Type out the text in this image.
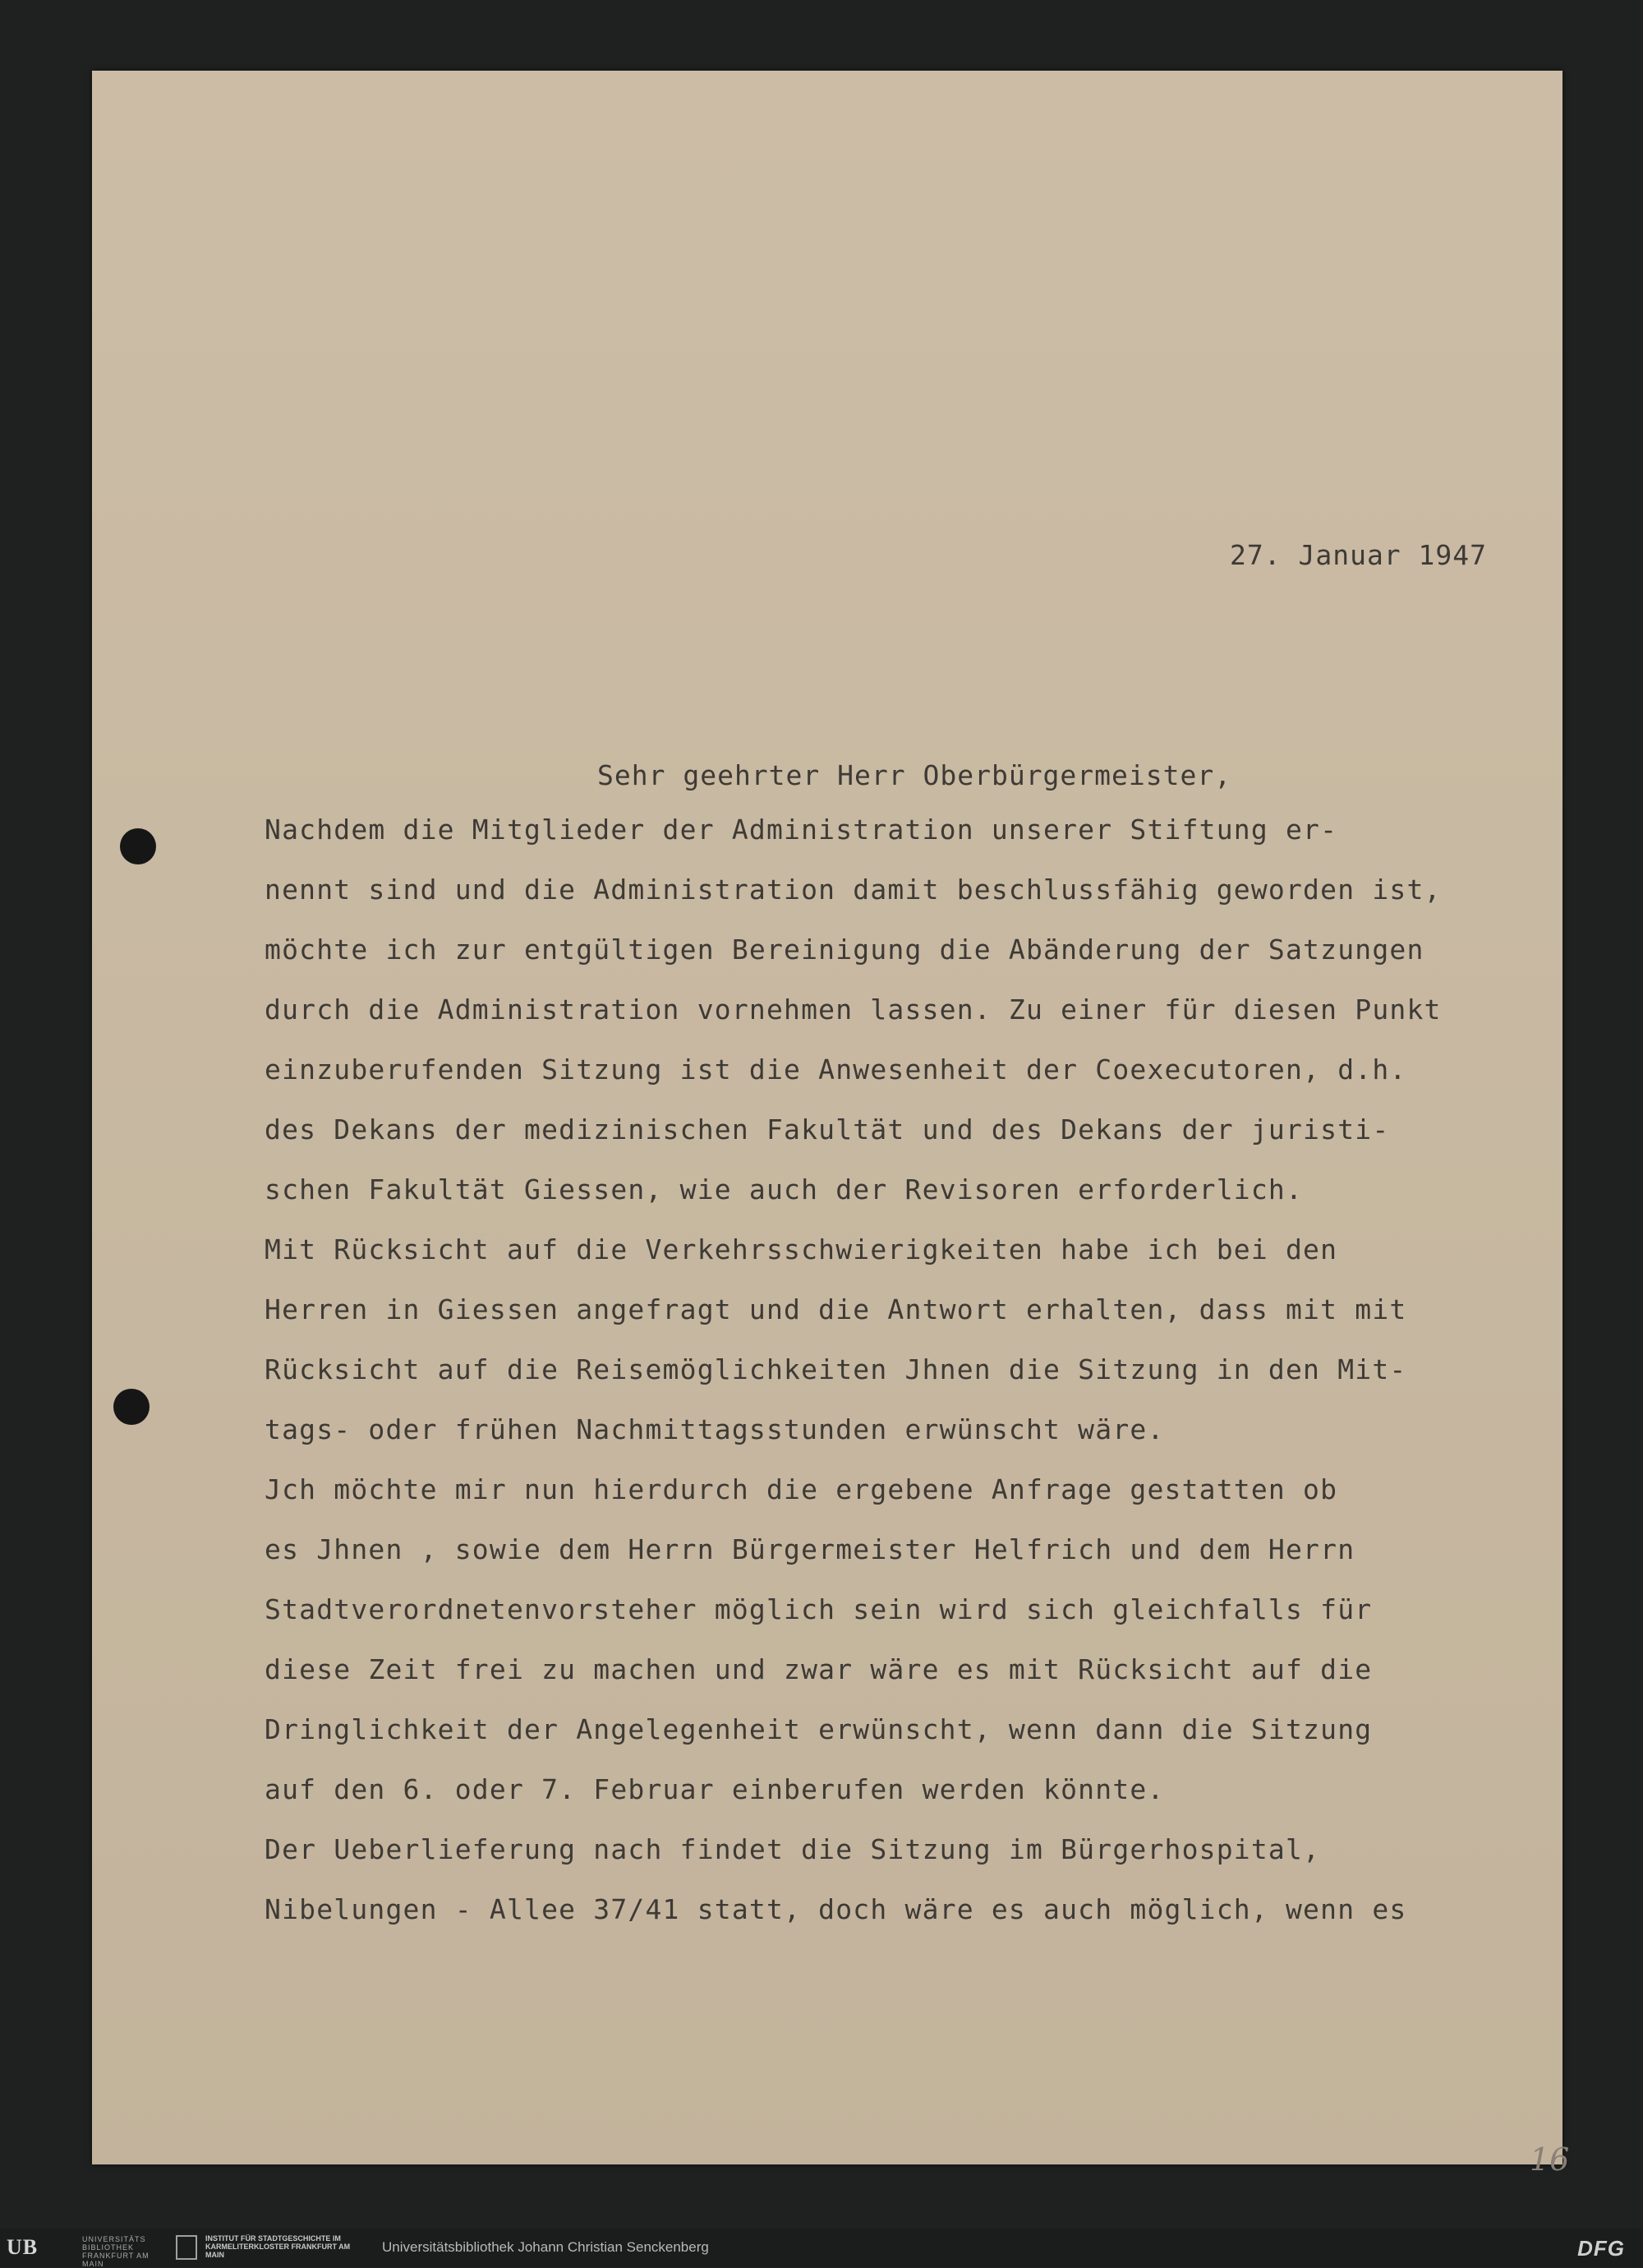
27. Januar 1947
Sehr geehrter Herr Oberbürgermeister,
Nachdem die Mitglieder der Administration unserer Stiftung er-
nennt sind und die Administration damit beschlussfähig geworden ist,
möchte ich zur entgültigen Bereinigung die Abänderung der Satzungen
durch die Administration vornehmen lassen. Zu einer für diesen Punkt
einzuberufenden Sitzung ist die Anwesenheit der Coexecutoren, d.h.
des Dekans der medizinischen Fakultät und des Dekans der juristi-
schen Fakultät Giessen, wie auch der Revisoren erforderlich.
Mit Rücksicht auf die Verkehrsschwierigkeiten habe ich bei den
Herren in Giessen angefragt und die Antwort erhalten, dass mit mit
Rücksicht auf die Reisemöglichkeiten Jhnen die Sitzung in den Mit-
tags- oder frühen Nachmittagsstunden erwünscht wäre.
Jch möchte mir nun hierdurch die ergebene Anfrage gestatten ob
es Jhnen , sowie dem Herrn Bürgermeister Helfrich und dem Herrn
Stadtverordnetenvorsteher möglich sein wird sich gleichfalls für
diese Zeit frei zu machen und zwar wäre es mit Rücksicht auf die
Dringlichkeit der Angelegenheit erwünscht, wenn dann die Sitzung
auf den 6. oder 7. Februar einberufen werden könnte.
Der Ueberlieferung nach findet die Sitzung im Bürgerhospital,
Nibelungen - Allee 37/41 statt, doch wäre es auch möglich, wenn es
16
UB	UNIVERSITÄTS BIBLIOTHEK FRANKFURT AM MAIN
INSTITUT FÜR STADTGESCHICHTE IM KARMELITERKLOSTER FRANKFURT AM MAIN	Universitätsbibliothek Johann Christian Senckenberg	DFG
